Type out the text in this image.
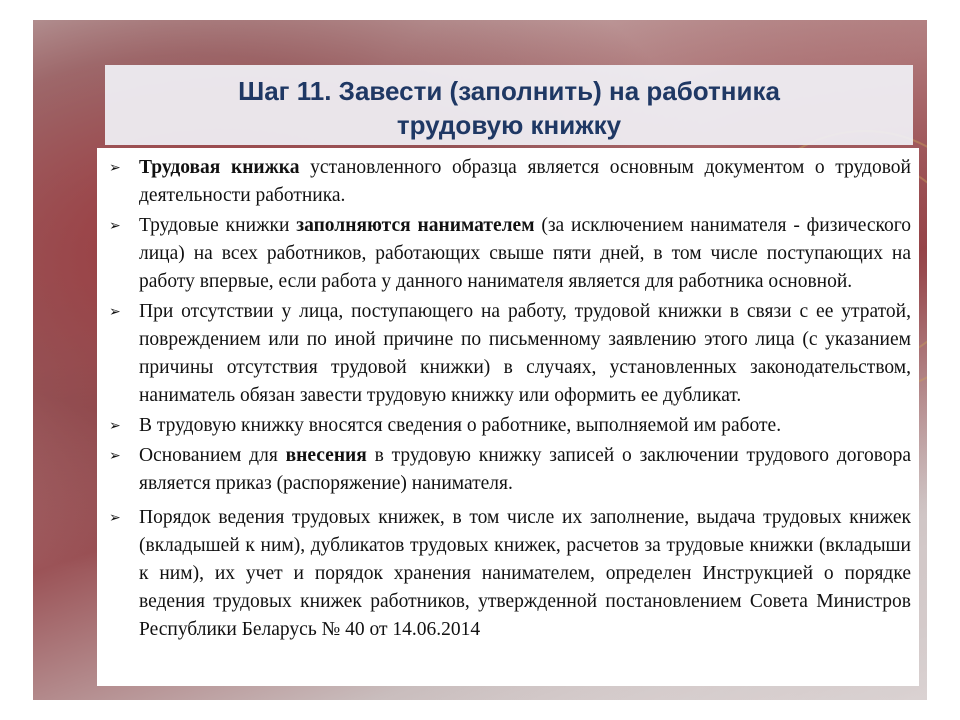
Шаг 11. Завести (заполнить) на работника
трудовую книжку
➢ Трудовая книжка установленного образца является основным документом о трудовой деятельности работника.
➢ Трудовые книжки заполняются нанимателем (за исключением нанимателя - физического лица) на всех работников, работающих свыше пяти дней, в том числе поступающих на работу впервые, если работа у данного нанимателя является для работника основной.
➢ При отсутствии у лица, поступающего на работу, трудовой книжки в связи с ее утратой, повреждением или по иной причине по письменному заявлению этого лица (с указанием причины отсутствия трудовой книжки) в случаях, установленных законодательством, наниматель обязан завести трудовую книжку или оформить ее дубликат.
➢ В трудовую книжку вносятся сведения о работнике, выполняемой им работе.
➢ Основанием для внесения в трудовую книжку записей о заключении трудового договора является приказ (распоряжение) нанимателя.
➢ Порядок ведения трудовых книжек, в том числе их заполнение, выдача трудовых книжек (вкладышей к ним), дубликатов трудовых книжек, расчетов за трудовые книжки (вкладыши к ним), их учет и порядок хранения нанимателем, определен Инструкцией о порядке ведения трудовых книжек работников, утвержденной постановлением Совета Министров Республики Беларусь № 40 от 14.06.2014
